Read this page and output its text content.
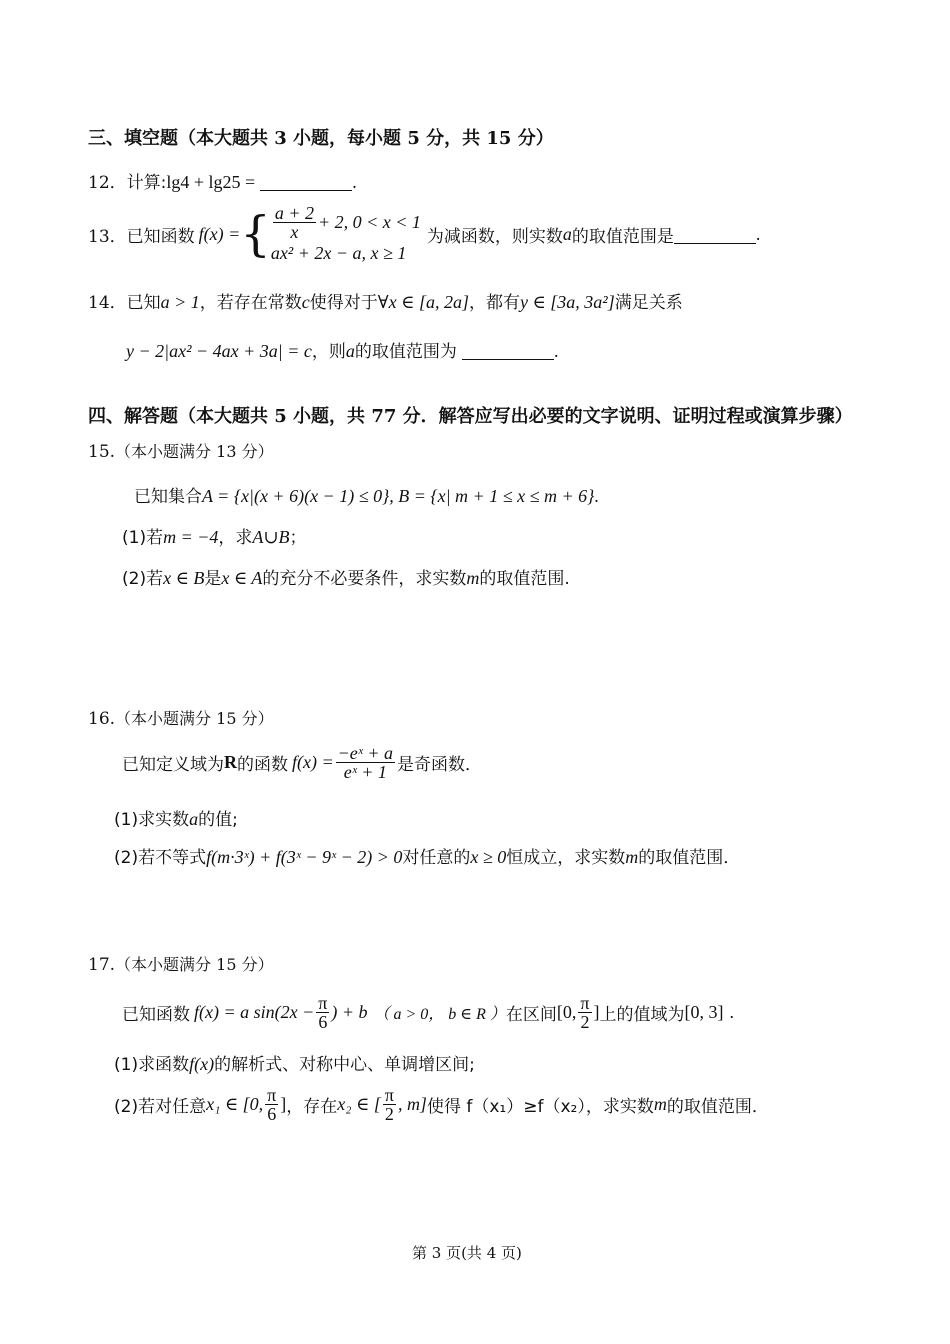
三、填空题（本大题共 3 小题，每小题 5 分，共 15 分）
12．计算:lg4 + lg25 =	.
13． 已知函数 f(x) = { $\frac{a + 2}{x} + 2$, 0 < x < 1
ax² + 2x − a, x ≥ 1
为减函数，则实数 a 的取值范围是	.
14．已知a > 1，若存在常数c使得对于∀x ∈ [a, 2a]，都有y ∈ [3a, 3a²]满足关系
y − 2|ax² − 4ax + 3a| = c，则a的取值范围为	.
四、解答题（本大题共 5 小题，共 77 分．解答应写出必要的文字说明、证明过程或演算步骤）
15.（本小题满分 13 分）
已知集合A = {x|(x + 6)(x − 1) ≤ 0}, B = {x| m + 1 ≤ x ≤ m + 6}.
(1)若m = −4，求A∪B；
(2)若x ∈ B是x ∈ A的充分不必要条件，求实数m的取值范围.
16.（本小题满分 15 分）
已知定义域为 R 的函数 $f(x) = \frac{\text{−eˣ + a}}{\text{eˣ + 1}}$ 是奇函数．
(1)求实数a的值;
(2)若不等式f(m·3ˣ) + f(3ˣ − 9ˣ − 2) > 0对任意的x ≥ 0恒成立，求实数m的取值范围．
17.（本小题满分 15 分）
已知函数 f(x) = a $\sin(2x - \frac{\pi}{6}$ ) + b （ a > 0， b ∈ R ） 在区间 [0, $\frac{\pi}{2}$ ] 上的值域为 [0, 3] .
(1)求函数f(x)的解析式、对称中心、单调增区间;
(2)若对任意 x₁ ∈ [0, $\frac{\pi}{6}$ ] ，存在 x₂ ∈ [ $\frac{\pi}{2}$ , m] 使得 f（x₁）≥f（x₂），求实数 m 的取值范围．
第 3 页(共 4 页)
